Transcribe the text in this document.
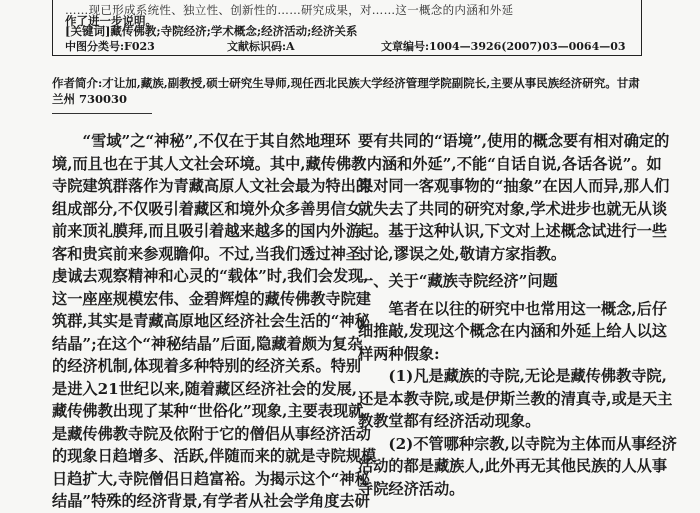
……现已形成系统性、独立性、创新性的……研究成果，对……这一概念的内涵和外延
作了进一步说明。
[关键词]藏传佛教;寺院经济;学术概念;经济活动;经济关系
中图分类号:F023	文献标识码:A	文章编号:1004—3926(2007)03—0064—03
作者简介:才让加,藏族,副教授,硕士研究生导师,现任西北民族大学经济管理学院副院长,主要从事民族经济研究。甘肃 兰州 730030
“雪域”之“神秘”,不仅在于其自然地理环
境,而且也在于其人文社会环境。其中,藏传佛教
寺院建筑群落作为青藏高原人文社会最为特出的
组成部分,不仅吸引着藏区和境外众多善男信女
前来顶礼膜拜,而且吸引着越来越多的国内外游
客和贵宾前来参观瞻仰。不过,当我们透过神圣、
虔诚去观察精神和心灵的“载体”时,我们会发现,
这一座座规模宏伟、金碧辉煌的藏传佛教寺院建
筑群,其实是青藏高原地区经济社会生活的“神秘
结晶”;在这个“神秘结晶”后面,隐藏着颇为复杂
的经济机制,体现着多种特别的经济关系。特别
是进入21世纪以来,随着藏区经济社会的发展,
藏传佛教出现了某种“世俗化”现象,主要表现就
是藏传佛教寺院及依附于它的僧侣从事经济活动
的现象日趋增多、活跃,伴随而来的就是寺院规模
日趋扩大,寺院僧侣日趋富裕。为揭示这个“神秘
结晶”特殊的经济背景,有学者从社会学角度去研
要有共同的“语境”,使用的概念要有相对确定的
“内涵和外延”,不能“自话自说,各话各说”。如
果对同一客观事物的“抽象”在因人而异,那人们
就失去了共同的研究对象,学术进步也就无从谈
起。基于这种认识,下文对上述概念试进行一些
讨论,谬误之处,敬请方家指教。

一、关于“藏族寺院经济”问题

笔者在以往的研究中也常用这一概念,后仔
细推敲,发现这个概念在内涵和外延上给人以这
样两种假象:
(1)凡是藏族的寺院,无论是藏传佛教寺院,
还是本教寺院,或是伊斯兰教的清真寺,或是天主
教教堂都有经济活动现象。
(2)不管哪种宗教,以寺院为主体而从事经济
活动的都是藏族人,此外再无其他民族的人从事
寺院经济活动。
